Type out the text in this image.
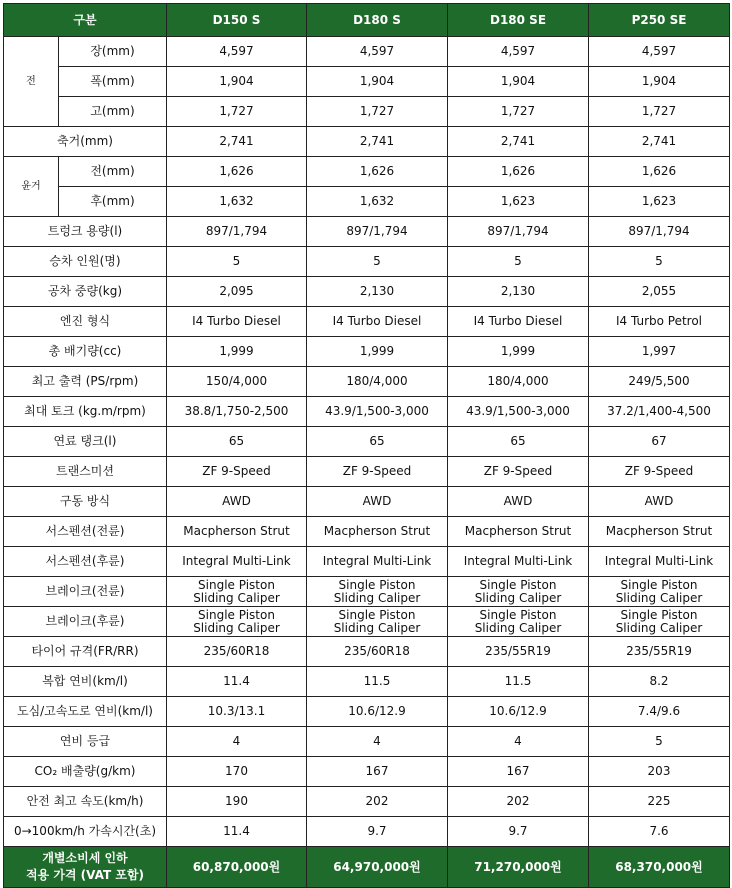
구분		D150 S	D180 S	D180 SE	P250 SE
전	장(mm)	4,597	4,597	4,597	4,597
	폭(mm)	1,904	1,904	1,904	1,904
	고(mm)	1,727	1,727	1,727	1,727
축거(mm)		2,741	2,741	2,741	2,741
윤거	전(mm)	1,626	1,626	1,626	1,626
	후(mm)	1,632	1,632	1,623	1,623
트렁크 용량(l)		897/1,794	897/1,794	897/1,794	897/1,794
승차 인원(명)		5	5	5	5
공차 중량(kg)		2,095	2,130	2,130	2,055
엔진 형식		I4 Turbo Diesel	I4 Turbo Diesel	I4 Turbo Diesel	I4 Turbo Petrol
총 배기량(cc)		1,999	1,999	1,999	1,997
최고 출력 (PS/rpm)		150/4,000	180/4,000	180/4,000	249/5,500
최대 토크 (kg.m/rpm)		38.8/1,750-2,500	43.9/1,500-3,000	43.9/1,500-3,000	37.2/1,400-4,500
연료 탱크(l)		65	65	65	67
트랜스미션		ZF 9-Speed	ZF 9-Speed	ZF 9-Speed	ZF 9-Speed
구동 방식		AWD	AWD	AWD	AWD
서스펜션(전륜)		Macpherson Strut	Macpherson Strut	Macpherson Strut	Macpherson Strut
서스펜션(후륜)		Integral Multi-Link	Integral Multi-Link	Integral Multi-Link	Integral Multi-Link
브레이크(전륜)		Single Piston
Sliding Caliper	Single Piston
Sliding Caliper	Single Piston
Sliding Caliper	Single Piston
Sliding Caliper
브레이크(후륜)		Single Piston
Sliding Caliper	Single Piston
Sliding Caliper	Single Piston
Sliding Caliper	Single Piston
Sliding Caliper
타이어 규격(FR/RR)		235/60R18	235/60R18	235/55R19	235/55R19
복합 연비(km/l)		11.4	11.5	11.5	8.2
도심/고속도로 연비(km/l)		10.3/13.1	10.6/12.9	10.6/12.9	7.4/9.6
연비 등급		4	4	4	5
CO₂ 배출량(g/km)		170	167	167	203
안전 최고 속도(km/h)		190	202	202	225
0→100km/h 가속시간(초)		11.4	9.7	9.7	7.6
개별소비세 인하
적용 가격 (VAT 포함)		60,870,000원	64,970,000원	71,270,000원	68,370,000원
